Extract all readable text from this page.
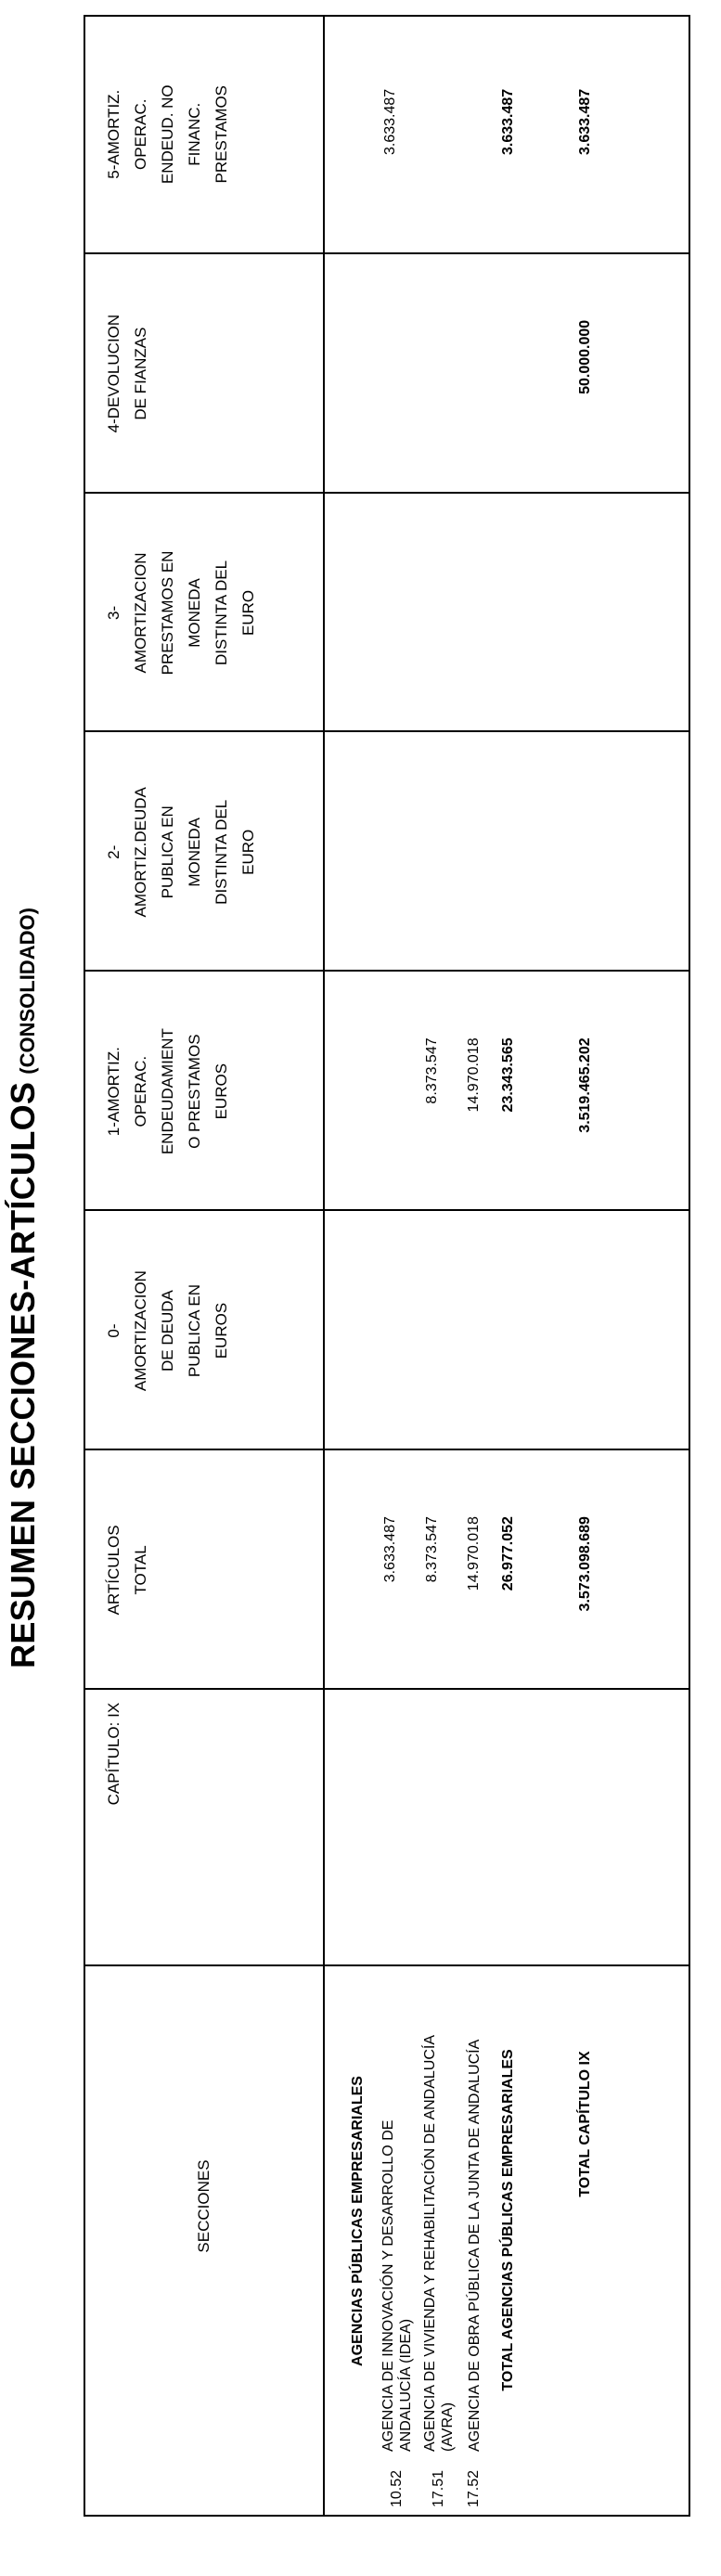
RESUMEN SECCIONES-ARTÍCULOS(CONSOLIDADO)
SECCIONES
CAPÍTULO: IX
ARTÍCULOS TOTAL
0- AMORTIZACION DE DEUDA PUBLICA EN EUROS
1-AMORTIZ. OPERAC. ENDEUDAMIENT O PRESTAMOS EUROS
2- AMORTIZ.DEUDA PUBLICA EN MONEDA DISTINTA DEL EURO
3- AMORTIZACION PRESTAMOS EN MONEDA DISTINTA DEL EURO
4-DEVOLUCION DE FIANZAS
5-AMORTIZ. OPERAC. ENDEUD. NO FINANC. PRESTAMOS
AGENCIAS PÚBLICAS EMPRESARIALES
10.52
AGENCIA DE INNOVACIÓN Y DESARROLLO DE ANDALUCÍA (IDEA)
3.633.487
3.633.487
17.51
AGENCIA DE VIVIENDA Y REHABILITACIÓN DE ANDALUCÍA (AVRA)
8.373.547
8.373.547
17.52
AGENCIA DE OBRA PÚBLICA DE LA JUNTA DE ANDALUCÍA
14.970.018
14.970.018
TOTAL AGENCIAS PÚBLICAS EMPRESARIALES
26.977.052
23.343.565
3.633.487
TOTAL CAPÍTULO IX
3.573.098.689
3.519.465.202
50.000.000
3.633.487
